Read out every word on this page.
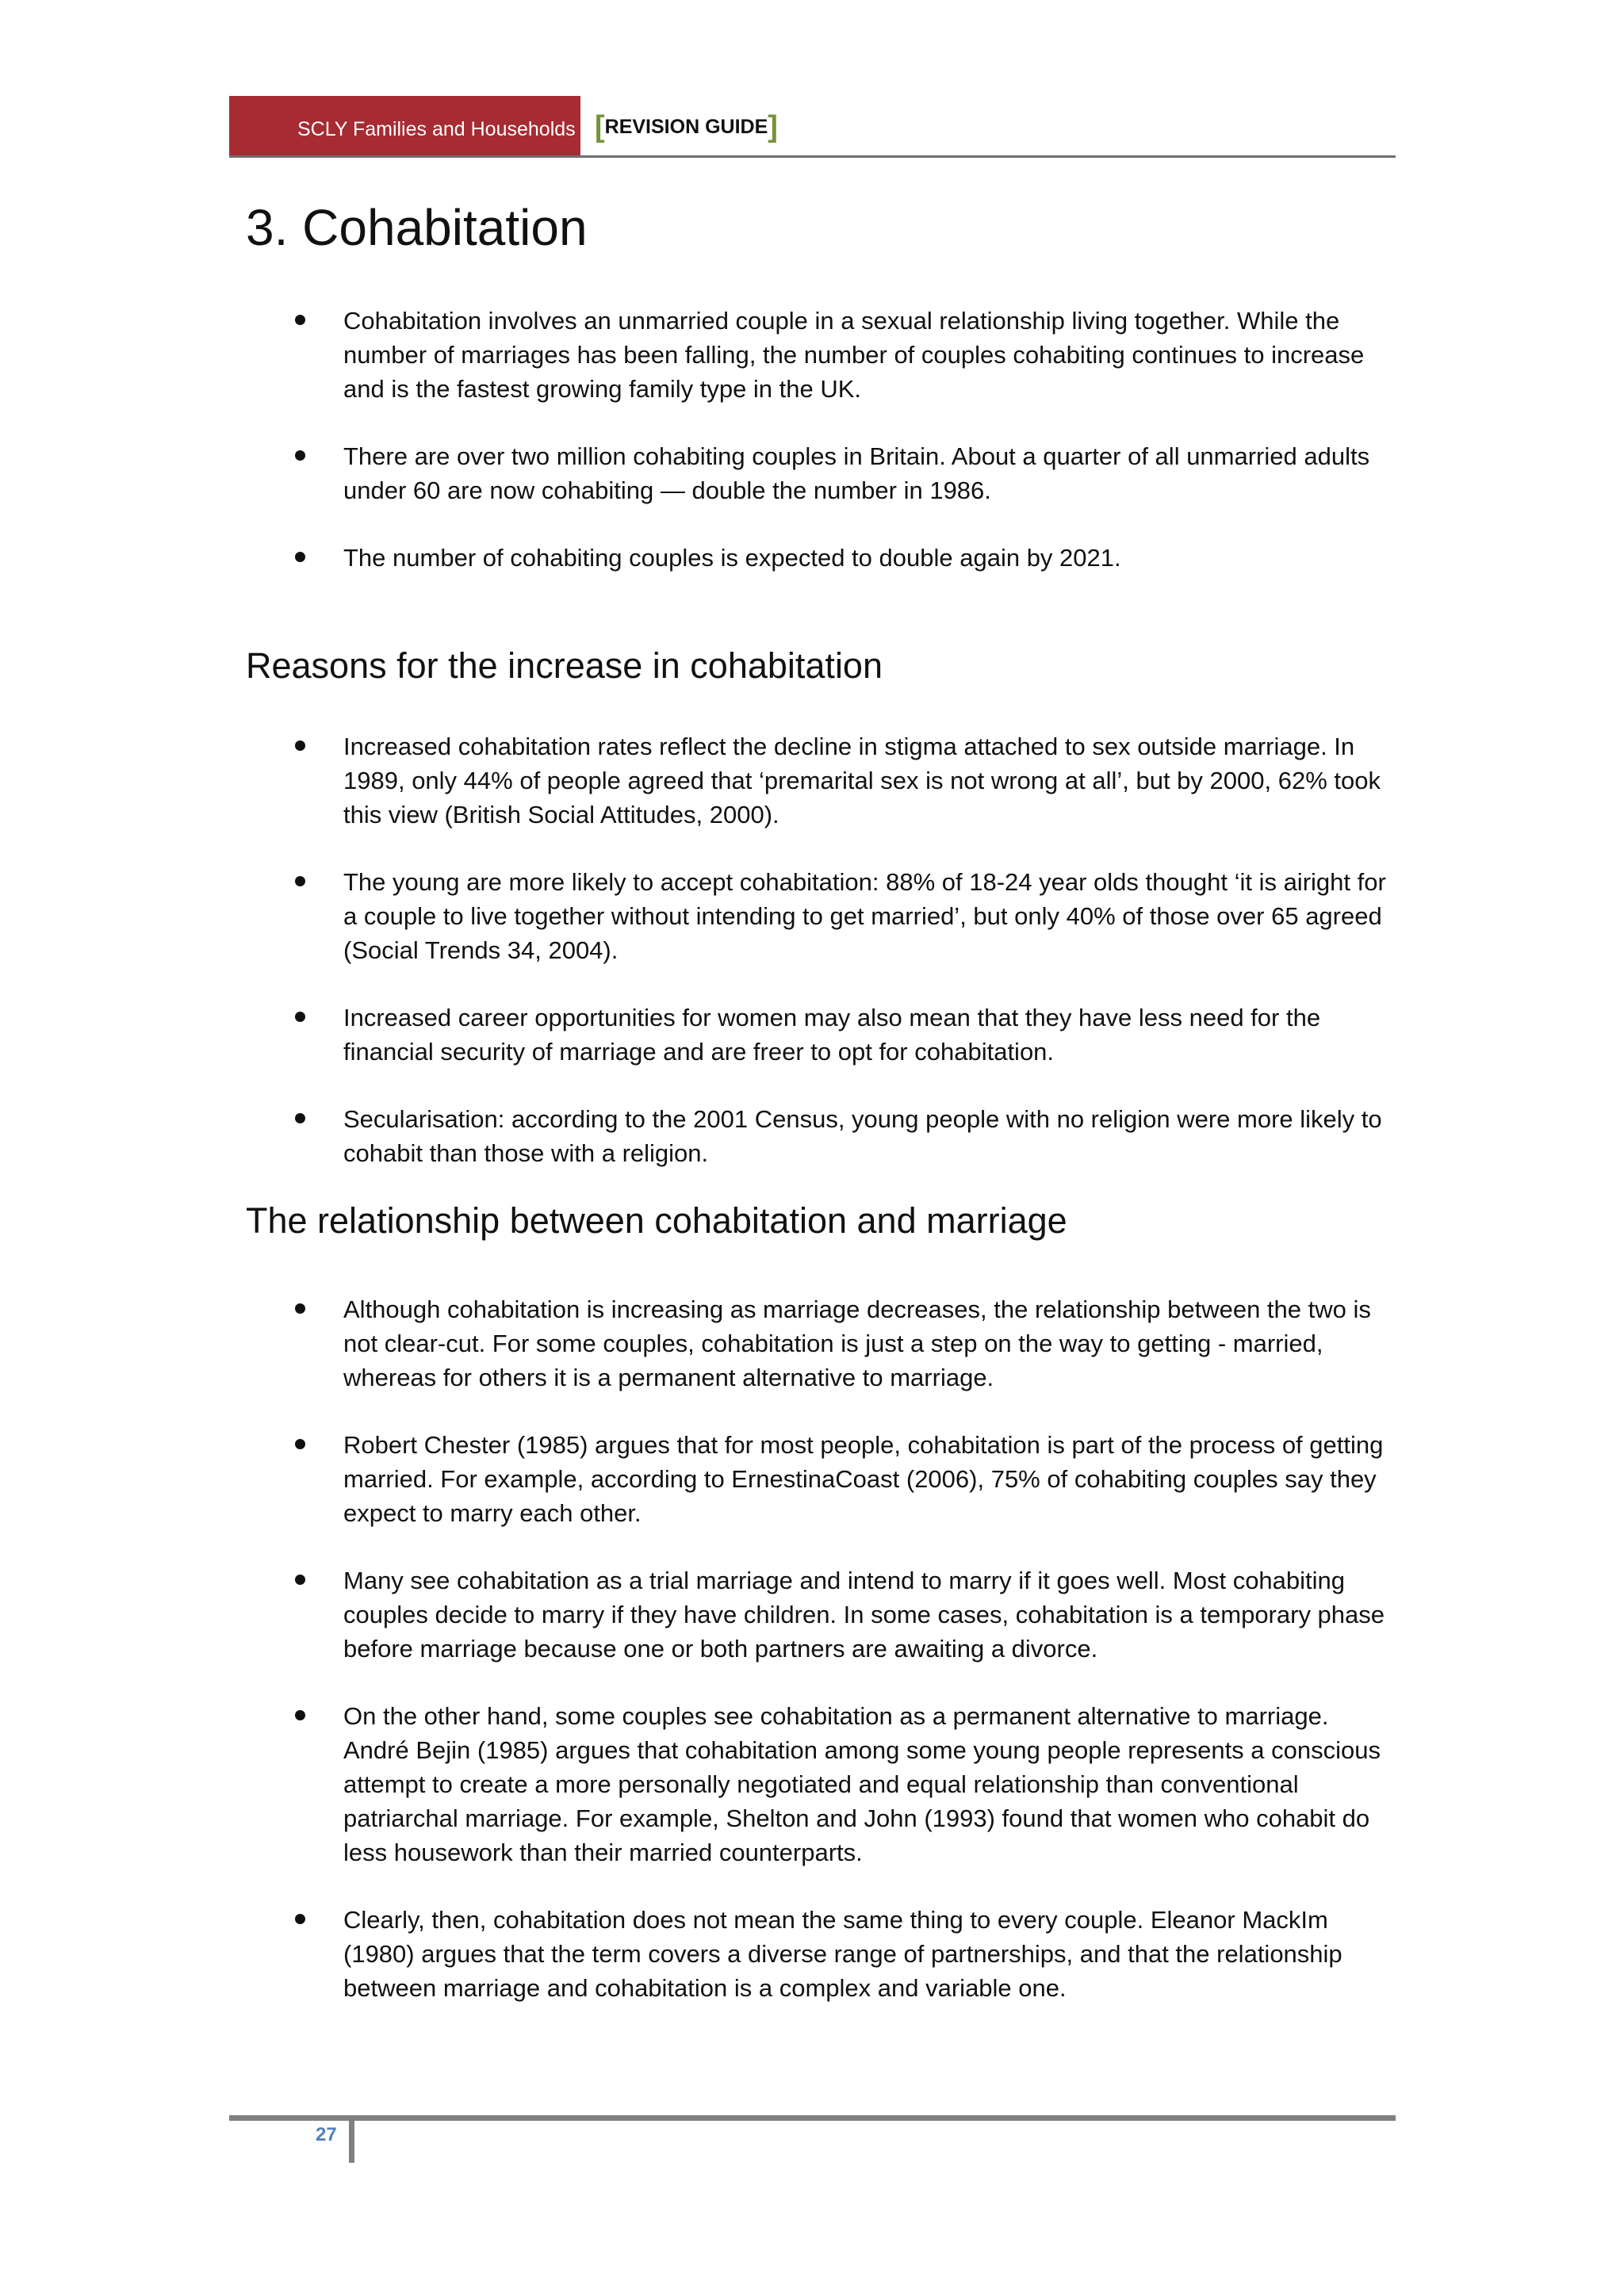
SCLY Families and Households [REVISION GUIDE]
3. Cohabitation
Cohabitation involves an unmarried couple in a sexual relationship living together. While the number of marriages has been falling, the number of couples cohabiting continues to increase and is the fastest growing family type in the UK.
There are over two million cohabiting couples in Britain. About a quarter of all unmarried adults under 60 are now cohabiting — double the number in 1986.
The number of cohabiting couples is expected to double again by 2021.
Reasons for the increase in cohabitation
Increased cohabitation rates reflect the decline in stigma attached to sex outside marriage. In 1989, only 44% of people agreed that ‘premarital sex is not wrong at all’, but by 2000, 62% took this view (British Social Attitudes, 2000).
The young are more likely to accept cohabitation: 88% of 18-24 year olds thought ‘it is airight for a couple to live together without intending to get married’, but only 40% of those over 65 agreed (Social Trends 34, 2004).
Increased career opportunities for women may also mean that they have less need for the financial security of marriage and are freer to opt for cohabitation.
Secularisation: according to the 2001 Census, young people with no religion were more likely to cohabit than those with a religion.
The relationship between cohabitation and marriage
Although cohabitation is increasing as marriage decreases, the relationship between the two is not clear-cut. For some couples, cohabitation is just a step on the way to getting - married, whereas for others it is a permanent alternative to marriage.
Robert Chester (1985) argues that for most people, cohabitation is part of the process of getting married. For example, according to ErnestinaCoast (2006), 75% of cohabiting couples say they expect to marry each other.
Many see cohabitation as a trial marriage and intend to marry if it goes well. Most cohabiting couples decide to marry if they have children. In some cases, cohabitation is a temporary phase before marriage because one or both partners are awaiting a divorce.
On the other hand, some couples see cohabitation as a permanent alternative to marriage. André Bejin (1985) argues that cohabitation among some young people represents a conscious attempt to create a more personally negotiated and equal relationship than conventional patriarchal marriage. For example, Shelton and John (1993) found that women who cohabit do less housework than their married counterparts.
Clearly, then, cohabitation does not mean the same thing to every couple. Eleanor MackIm (1980) argues that the term covers a diverse range of partnerships, and that the relationship between marriage and cohabitation is a complex and variable one.
27
